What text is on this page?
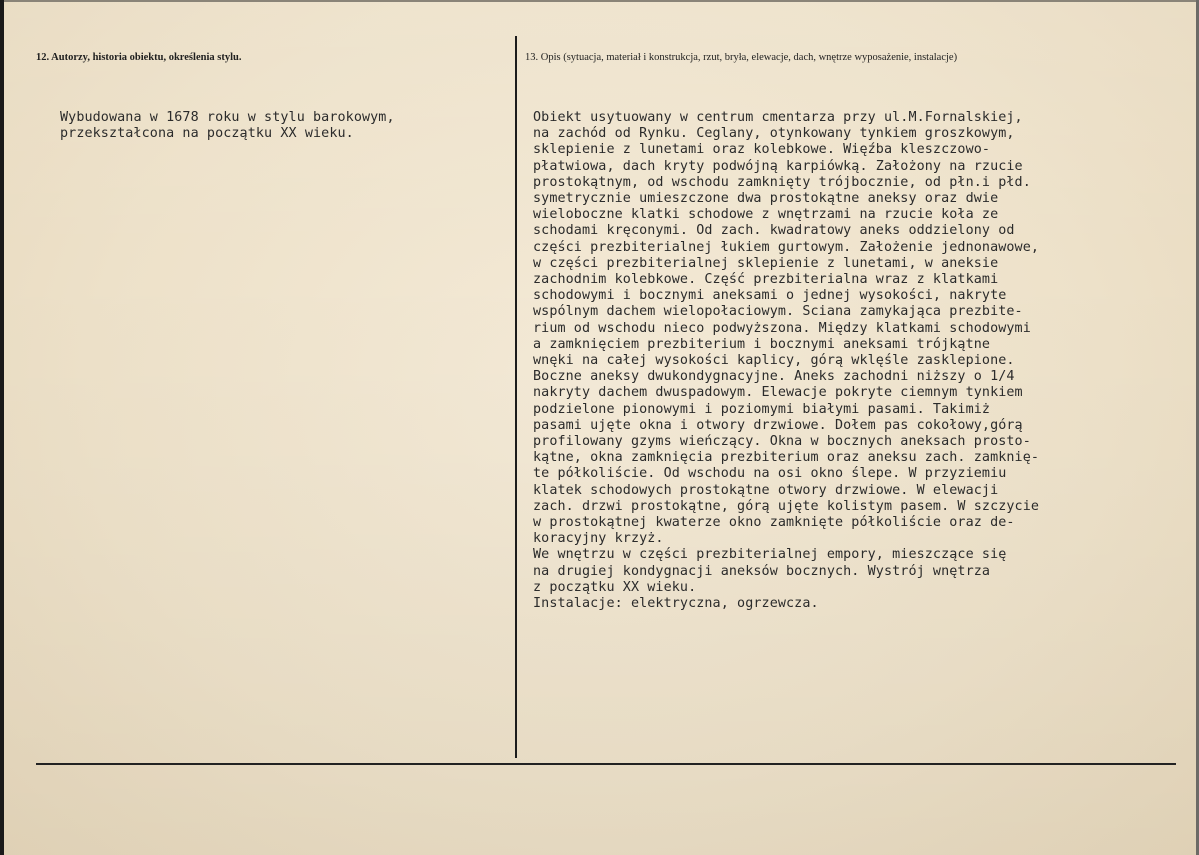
12. Autorzy, historia obiektu, określenia stylu.	13. Opis (sytuacja, materiał i konstrukcja, rzut, bryła, elewacje, dach, wnętrze wyposażenie, instalacje)
Wybudowana w 1678 roku w stylu barokowym,
przekształcona na początku XX wieku.
Obiekt usytuowany w centrum cmentarza przy ul.M.Fornalskiej,
na zachód od Rynku. Ceglany, otynkowany tynkiem groszkowym,
sklepienie z lunetami oraz kolebkowe. Więźba kleszczowo-
płatwiowa, dach kryty podwójną karpiówką. Założony na rzucie
prostokątnym, od wschodu zamknięty trójbocznie, od płn.i płd.
symetrycznie umieszczone dwa prostokątne aneksy oraz dwie
wieloboczne klatki schodowe z wnętrzami na rzucie koła ze
schodami kręconymi. Od zach. kwadratowy aneks oddzielony od
części prezbiterialnej łukiem gurtowym. Założenie jednonawowe,
w części prezbiterialnej sklepienie z lunetami, w aneksie
zachodnim kolebkowe. Część prezbiterialna wraz z klatkami
schodowymi i bocznymi aneksami o jednej wysokości, nakryte
wspólnym dachem wielopołaciowym. Sciana zamykająca prezbite-
rium od wschodu nieco podwyższona. Między klatkami schodowymi
a zamknięciem prezbiterium i bocznymi aneksami trójkątne
wnęki na całej wysokości kaplicy, górą wklęśle zasklepione.
Boczne aneksy dwukondygnacyjne. Aneks zachodni niższy o 1/4
nakryty dachem dwuspadowym. Elewacje pokryte ciemnym tynkiem
podzielone pionowymi i poziomymi białymi pasami. Takimiż
pasami ujęte okna i otwory drzwiowe. Dołem pas cokołowy,górą
profilowany gzyms wieńczący. Okna w bocznych aneksach prosto-
kątne, okna zamknięcia prezbiterium oraz aneksu zach. zamknię-
te półkoliście. Od wschodu na osi okno ślepe. W przyziemiu
klatek schodowych prostokątne otwory drzwiowe. W elewacji
zach. drzwi prostokątne, górą ujęte kolistym pasem. W szczycie
w prostokątnej kwaterze okno zamknięte półkoliście oraz de-
koracyjny krzyż.
We wnętrzu w części prezbiterialnej empory, mieszczące się
na drugiej kondygnacji aneksów bocznych. Wystrój wnętrza
z początku XX wieku.
Instalacje: elektryczna, ogrzewcza.
